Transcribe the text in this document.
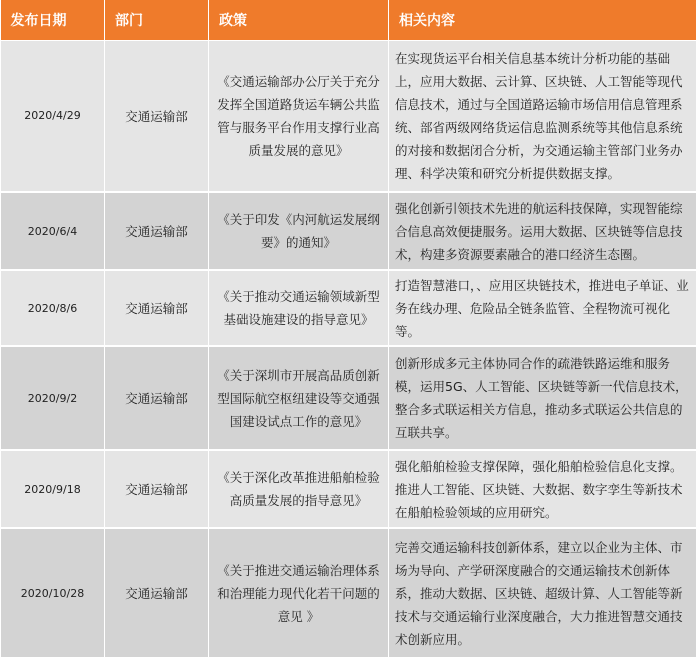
发布日期	部门	政策	相关内容
2020/4/29	交通运输部	《交通运输部办公厅关于充分发挥全国道路货运车辆公共监管与服务平台作用支撑行业高质量发展的意见》	在实现货运平台相关信息基本统计分析功能的基础上，应用大数据、云计算、区块链、人工智能等现代信息技术，通过与全国道路运输市场信用信息管理系统、部省两级网络货运信息监测系统等其他信息系统的对接和数据闭合分析，为交通运输主管部门业务办理、科学决策和研究分析提供数据支撑。
2020/6/4	交通运输部	《关于印发《内河航运发展纲要》的通知》	强化创新引领技术先进的航运科技保障，实现智能综合信息高效便捷服务。运用大数据、区块链等信息技术，构建多资源要素融合的港口经济生态圈。
2020/8/6	交通运输部	《关于推动交通运输领域新型基础设施建设的指导意见》	打造智慧港口，、应用区块链技术，推进电子单证、业务在线办理、危险品全链条监管、全程物流可视化等。
2020/9/2	交通运输部	《关于深圳市开展高品质创新型国际航空枢纽建设等交通强国建设试点工作的意见》	创新形成多元主体协同合作的疏港铁路运维和服务模，运用5G、人工智能、区块链等新一代信息技术，整合多式联运相关方信息，推动多式联运公共信息的互联共享。
2020/9/18	交通运输部	《关于深化改革推进船舶检验高质量发展的指导意见》	强化船舶检验支撑保障，强化船舶检验信息化支撑。推进人工智能、区块链、大数据、数字孪生等新技术在船舶检验领域的应用研究。
2020/10/28	交通运输部	《关于推进交通运输治理体系和治理能力现代化若干问题的意见 》	完善交通运输科技创新体系，建立以企业为主体、市场为导向、产学研深度融合的交通运输技术创新体系，推动大数据、区块链、超级计算、人工智能等新技术与交通运输行业深度融合，大力推进智慧交通技术创新应用。
